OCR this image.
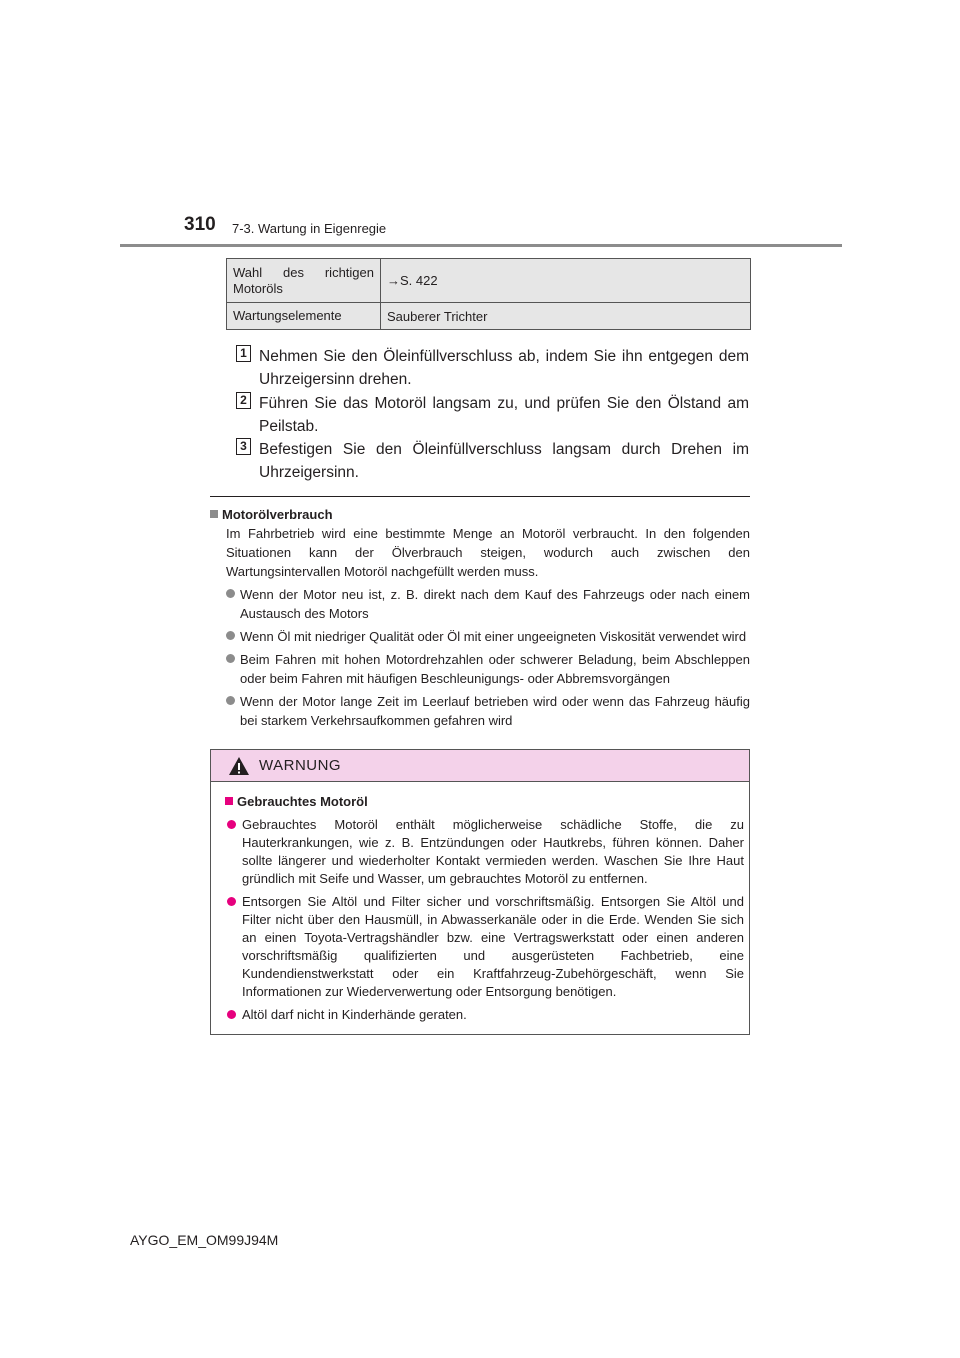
310 7-3. Wartung in Eigenregie
Wahl des richtigen Motoröls	→S. 422
Wartungselemente	Sauberer Trichter
1 Nehmen Sie den Öleinfüllverschluss ab, indem Sie ihn entgegen dem Uhrzeigersinn drehen.
2 Führen Sie das Motoröl langsam zu, und prüfen Sie den Ölstand am Peilstab.
3 Befestigen Sie den Öleinfüllverschluss langsam durch Drehen im Uhrzeigersinn.
Motorölverbrauch
Im Fahrbetrieb wird eine bestimmte Menge an Motoröl verbraucht. In den folgenden Situationen kann der Ölverbrauch steigen, wodurch auch zwischen den Wartungsintervallen Motoröl nachgefüllt werden muss.
Wenn der Motor neu ist, z. B. direkt nach dem Kauf des Fahrzeugs oder nach einem Austausch des Motors
Wenn Öl mit niedriger Qualität oder Öl mit einer ungeeigneten Viskosität verwendet wird
Beim Fahren mit hohen Motordrehzahlen oder schwerer Beladung, beim Abschleppen oder beim Fahren mit häufigen Beschleunigungs- oder Abbremsvorgängen
Wenn der Motor lange Zeit im Leerlauf betrieben wird oder wenn das Fahrzeug häufig bei starkem Verkehrsaufkommen gefahren wird
WARNUNG
Gebrauchtes Motoröl
Gebrauchtes Motoröl enthält möglicherweise schädliche Stoffe, die zu Hauterkrankungen, wie z. B. Entzündungen oder Hautkrebs, führen können. Daher sollte längerer und wiederholter Kontakt vermieden werden. Waschen Sie Ihre Haut gründlich mit Seife und Wasser, um gebrauchtes Motoröl zu entfernen.
Entsorgen Sie Altöl und Filter sicher und vorschriftsmäßig. Entsorgen Sie Altöl und Filter nicht über den Hausmüll, in Abwasserkanäle oder in die Erde. Wenden Sie sich an einen Toyota-Vertragshändler bzw. eine Vertragswerkstatt oder einen anderen vorschriftsmäßig qualifizierten und ausgerüsteten Fachbetrieb, eine Kundendienstwerkstatt oder ein Kraftfahrzeug-Zubehörgeschäft, wenn Sie Informationen zur Wiederverwertung oder Entsorgung benötigen.
Altöl darf nicht in Kinderhände geraten.
AYGO_EM_OM99J94M
